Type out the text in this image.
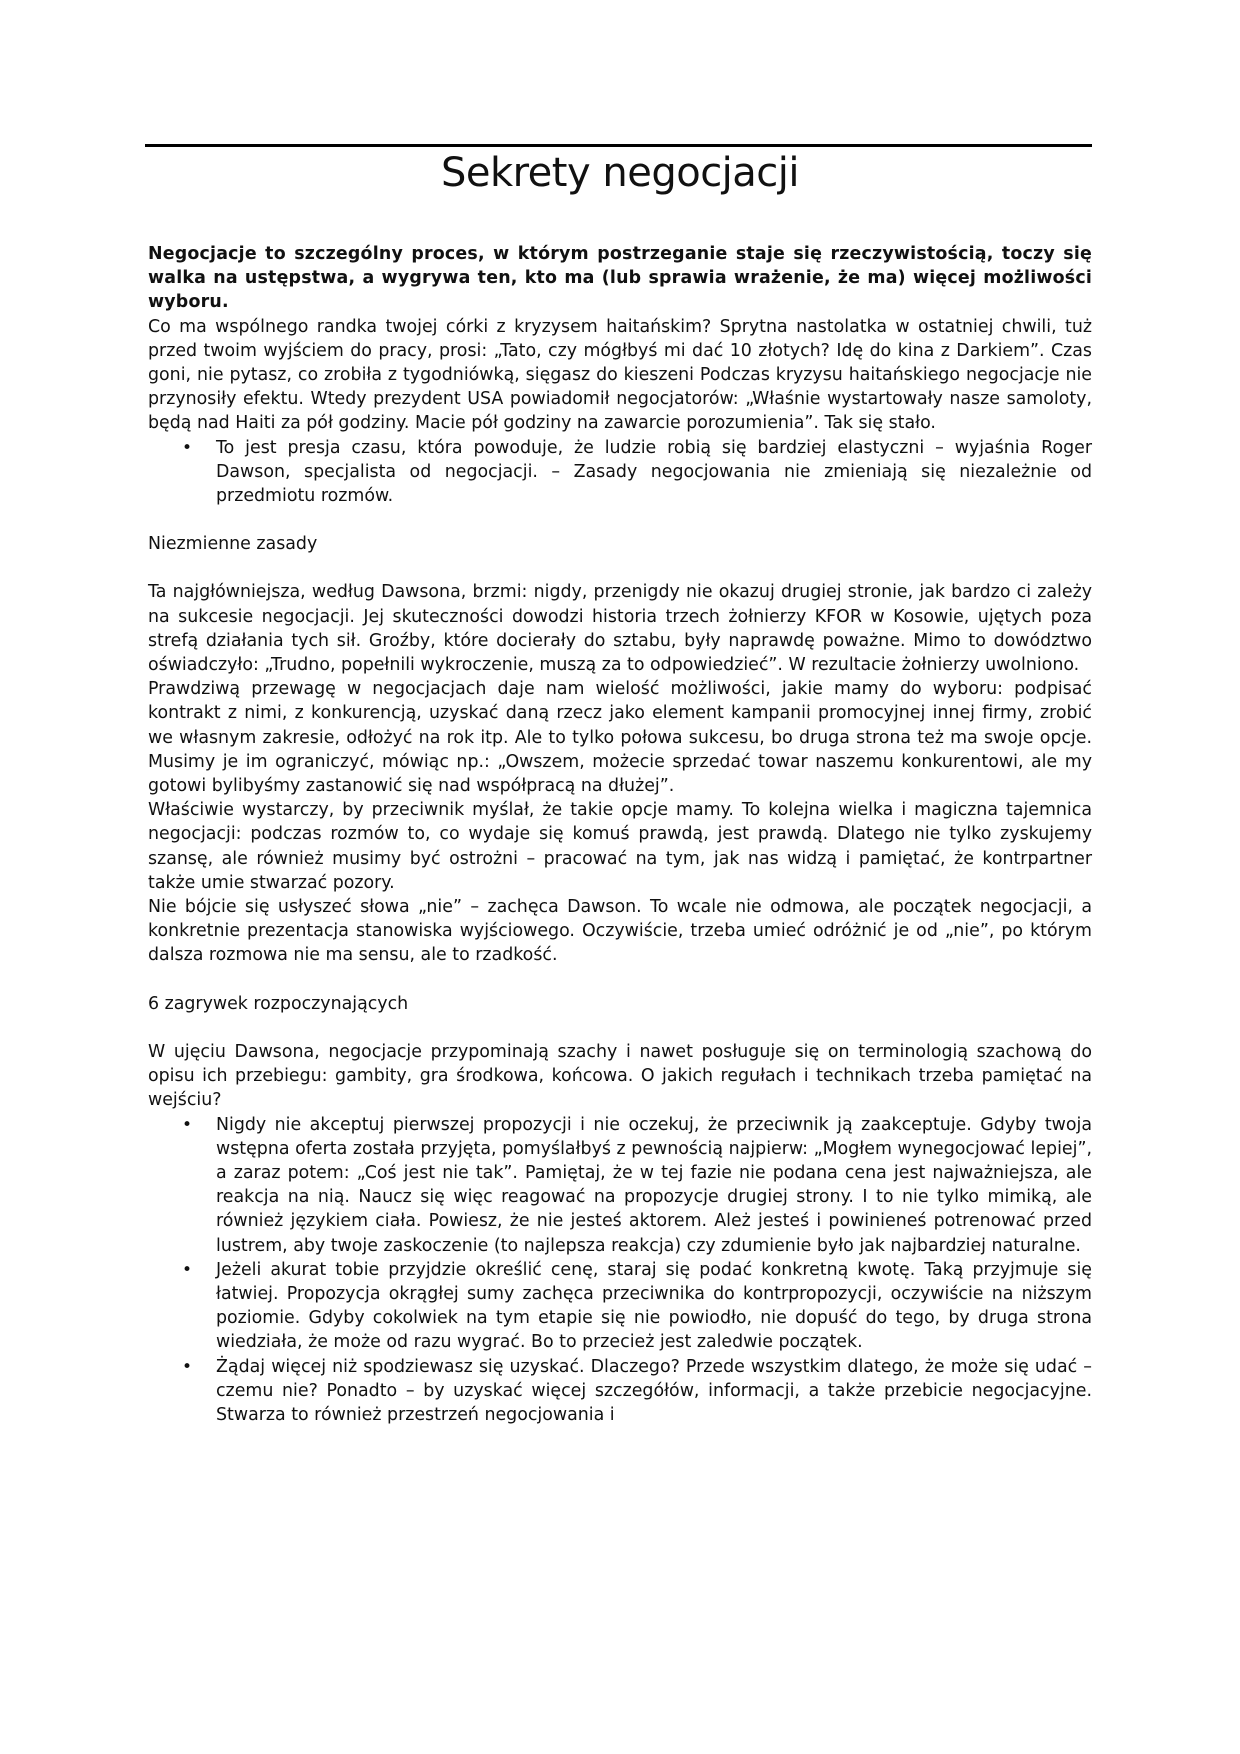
Sekrety negocjacji

Negocjacje to szczególny proces, w którym postrzeganie staje się rzeczywistością, toczy się walka na ustępstwa, a wygrywa ten, kto ma (lub sprawia wrażenie, że ma) więcej możliwości wyboru.

Co ma wspólnego randka twojej córki z kryzysem haitańskim? Sprytna nastolatka w ostatniej chwili, tuż przed twoim wyjściem do pracy, prosi: „Tato, czy mógłbyś mi dać 10 złotych? Idę do kina z Darkiem”. Czas goni, nie pytasz, co zrobiła z tygodniówką, sięgasz do kieszeni Podczas kryzysu haitańskiego negocjacje nie przynosiły efektu. Wtedy prezydent USA powiadomił negocjatorów: „Właśnie wystartowały nasze samoloty, będą nad Haiti za pół godziny. Macie pół godziny na zawarcie porozumienia”. Tak się stało.

• To jest presja czasu, która powoduje, że ludzie robią się bardziej elastyczni – wyjaśnia Roger Dawson, specjalista od negocjacji. – Zasady negocjowania nie zmieniają się niezależnie od przedmiotu rozmów.

Niezmienne zasady

Ta najgłówniejsza, według Dawsona, brzmi: nigdy, przenigdy nie okazuj drugiej stronie, jak bardzo ci zależy na sukcesie negocjacji. Jej skuteczności dowodzi historia trzech żołnierzy KFOR w Kosowie, ujętych poza strefą działania tych sił. Groźby, które docierały do sztabu, były naprawdę poważne. Mimo to dowództwo oświadczyło: „Trudno, popełnili wykroczenie, muszą za to odpowiedzieć”. W rezultacie żołnierzy uwolniono.

Prawdziwą przewagę w negocjacjach daje nam wielość możliwości, jakie mamy do wyboru: podpisać kontrakt z nimi, z konkurencją, uzyskać daną rzecz jako element kampanii promocyjnej innej firmy, zrobić we własnym zakresie, odłożyć na rok itp. Ale to tylko połowa sukcesu, bo druga strona też ma swoje opcje. Musimy je im ograniczyć, mówiąc np.: „Owszem, możecie sprzedać towar naszemu konkurentowi, ale my gotowi bylibyśmy zastanowić się nad współpracą na dłużej”.

Właściwie wystarczy, by przeciwnik myślał, że takie opcje mamy. To kolejna wielka i magiczna tajemnica negocjacji: podczas rozmów to, co wydaje się komuś prawdą, jest prawdą. Dlatego nie tylko zyskujemy szansę, ale również musimy być ostrożni – pracować na tym, jak nas widzą i pamiętać, że kontrpartner także umie stwarzać pozory.

Nie bójcie się usłyszeć słowa „nie” – zachęca Dawson. To wcale nie odmowa, ale początek negocjacji, a konkretnie prezentacja stanowiska wyjściowego. Oczywiście, trzeba umieć odróżnić je od „nie”, po którym dalsza rozmowa nie ma sensu, ale to rzadkość.

6 zagrywek rozpoczynających

W ujęciu Dawsona, negocjacje przypominają szachy i nawet posługuje się on terminologią szachową do opisu ich przebiegu: gambity, gra środkowa, końcowa. O jakich regułach i technikach trzeba pamiętać na wejściu?

• Nigdy nie akceptuj pierwszej propozycji i nie oczekuj, że przeciwnik ją zaakceptuje. Gdyby twoja wstępna oferta została przyjęta, pomyślałbyś z pewnością najpierw: „Mogłem wynegocjować lepiej”, a zaraz potem: „Coś jest nie tak”. Pamiętaj, że w tej fazie nie podana cena jest najważniejsza, ale reakcja na nią. Naucz się więc reagować na propozycje drugiej strony. I to nie tylko mimiką, ale również językiem ciała. Powiesz, że nie jesteś aktorem. Ależ jesteś i powinieneś potrenować przed lustrem, aby twoje zaskoczenie (to najlepsza reakcja) czy zdumienie było jak najbardziej naturalne.
• Jeżeli akurat tobie przyjdzie określić cenę, staraj się podać konkretną kwotę. Taką przyjmuje się łatwiej. Propozycja okrągłej sumy zachęca przeciwnika do kontrpropozycji, oczywiście na niższym poziomie. Gdyby cokolwiek na tym etapie się nie powiodło, nie dopuść do tego, by druga strona wiedziała, że może od razu wygrać. Bo to przecież jest zaledwie początek.
• Żądaj więcej niż spodziewasz się uzyskać. Dlaczego? Przede wszystkim dlatego, że może się udać – czemu nie? Ponadto – by uzyskać więcej szczegółów, informacji, a także przebicie negocjacyjne. Stwarza to również przestrzeń negocjowania i
